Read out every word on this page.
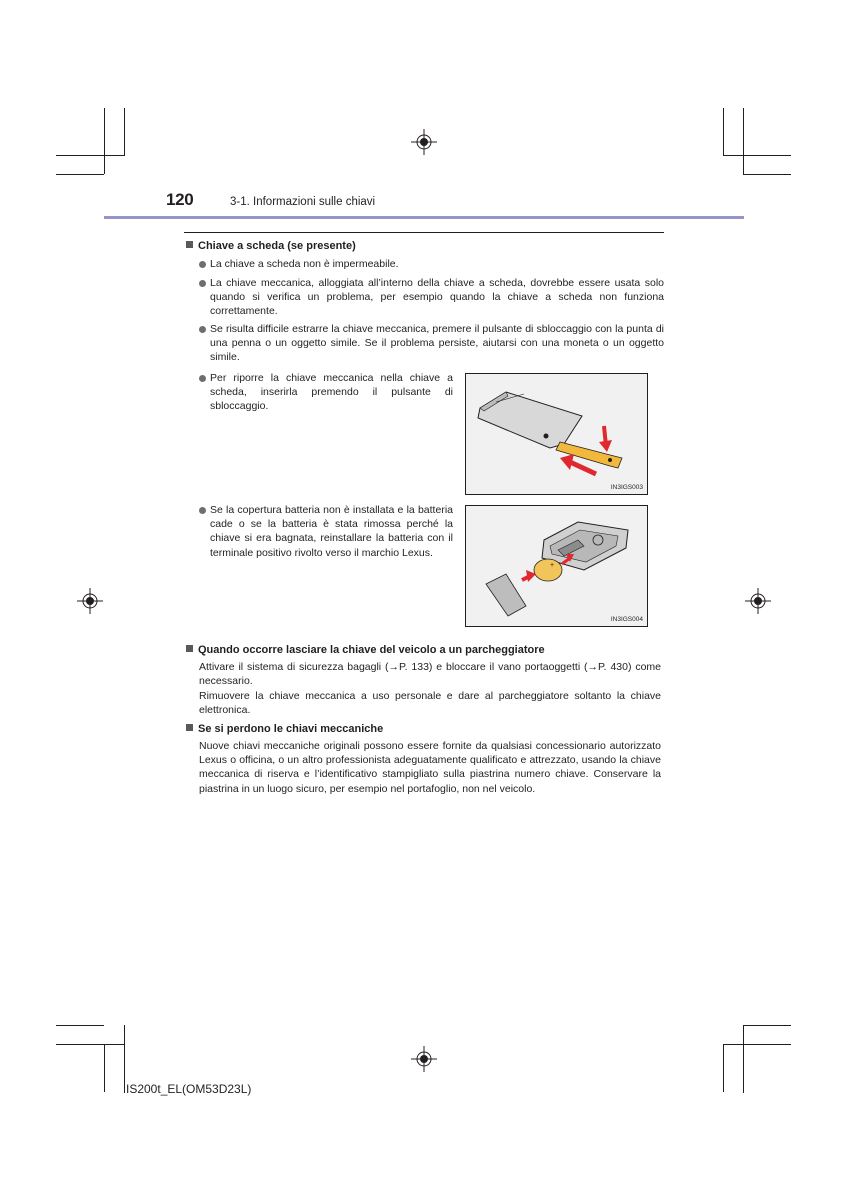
120	3-1. Informazioni sulle chiavi
Chiave a scheda (se presente)
La chiave a scheda non è impermeabile.
La chiave meccanica, alloggiata all’interno della chiave a scheda, dovrebbe essere usata solo quando si verifica un problema, per esempio quando la chiave a scheda non funziona correttamente.
Se risulta difficile estrarre la chiave meccanica, premere il pulsante di sbloccaggio con la punta di una penna o un oggetto simile. Se il problema persiste, aiutarsi con una moneta o un oggetto simile.
Per riporre la chiave meccanica nella chiave a scheda, inserirla premendo il pulsante di sbloccaggio.
Se la copertura batteria non è installata e la batteria cade o se la batteria è stata rimossa perché la chiave si era bagnata, reinstallare la batteria con il terminale positivo rivolto verso il marchio Lexus.
IN3IGS003
+
IN3IGS004
Quando occorre lasciare la chiave del veicolo a un parcheggiatore
Attivare il sistema di sicurezza bagagli (→P. 133) e bloccare il vano portaoggetti (→P. 430) come necessario.
Rimuovere la chiave meccanica a uso personale e dare al parcheggiatore soltanto la chiave elettronica.
Se si perdono le chiavi meccaniche
Nuove chiavi meccaniche originali possono essere fornite da qualsiasi concessionario autorizzato Lexus o officina, o un altro professionista adeguatamente qualificato e attrezzato, usando la chiave meccanica di riserva e l’identificativo stampigliato sulla piastrina numero chiave. Conservare la piastrina in un luogo sicuro, per esempio nel portafoglio, non nel veicolo.
IS200t_EL(OM53D23L)
